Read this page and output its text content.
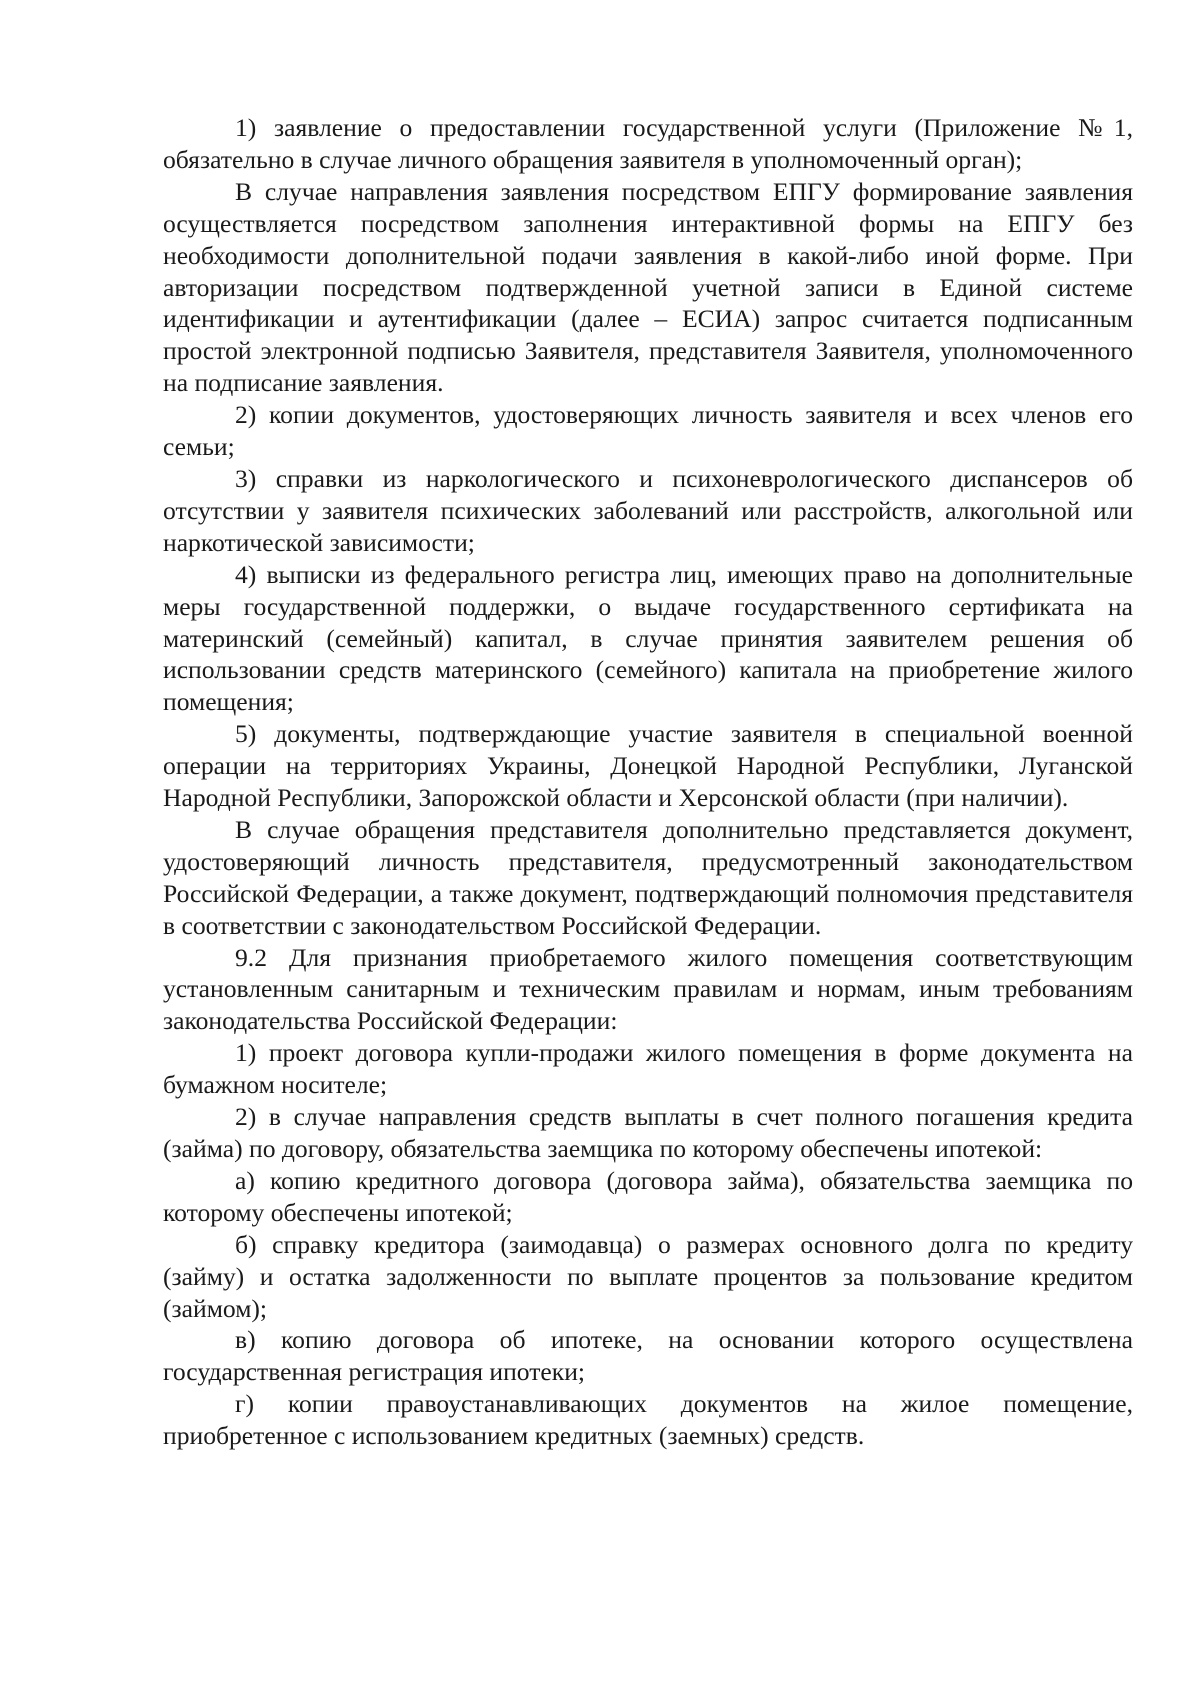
1) заявление о предоставлении государственной услуги (Приложение №1, обязательно в случае личного обращения заявителя в уполномоченный орган);

В случае направления заявления посредством ЕПГУ формирование заявления осуществляется посредством заполнения интерактивной формы на ЕПГУ без необходимости дополнительной подачи заявления в какой-либо иной форме. При авторизации посредством подтвержденной учетной записи в Единой системе идентификации и аутентификации (далее – ЕСИА) запрос считается подписанным простой электронной подписью Заявителя, представителя Заявителя, уполномоченного на подписание заявления.

2) копии документов, удостоверяющих личность заявителя и всех членов его семьи;

3) справки из наркологического и психоневрологического диспансеров об отсутствии у заявителя психических заболеваний или расстройств, алкогольной или наркотической зависимости;

4) выписки из федерального регистра лиц, имеющих право на дополнительные меры государственной поддержки, о выдаче государственного сертификата на материнский (семейный) капитал, в случае принятия заявителем решения об использовании средств материнского (семейного) капитала на приобретение жилого помещения;

5) документы, подтверждающие участие заявителя в специальной военной операции на территориях Украины, Донецкой Народной Республики, Луганской Народной Республики, Запорожской области и Херсонской области (при наличии).

В случае обращения представителя дополнительно представляется документ, удостоверяющий личность представителя, предусмотренный законодательством Российской Федерации, а также документ, подтверждающий полномочия представителя в соответствии с законодательством Российской Федерации.

9.2 Для признания приобретаемого жилого помещения соответствующим установленным санитарным и техническим правилам и нормам, иным требованиям законодательства Российской Федерации:

1) проект договора купли-продажи жилого помещения в форме документа на бумажном носителе;

2) в случае направления средств выплаты в счет полного погашения кредита (займа) по договору, обязательства заемщика по которому обеспечены ипотекой:

а) копию кредитного договора (договора займа), обязательства заемщика по которому обеспечены ипотекой;

б) справку кредитора (заимодавца) о размерах основного долга по кредиту (займу) и остатка задолженности по выплате процентов за пользование кредитом (займом);

в) копию договора об ипотеке, на основании которого осуществлена государственная регистрация ипотеки;

г) копии правоустанавливающих документов на жилое помещение, приобретенное с использованием кредитных (заемных) средств.
